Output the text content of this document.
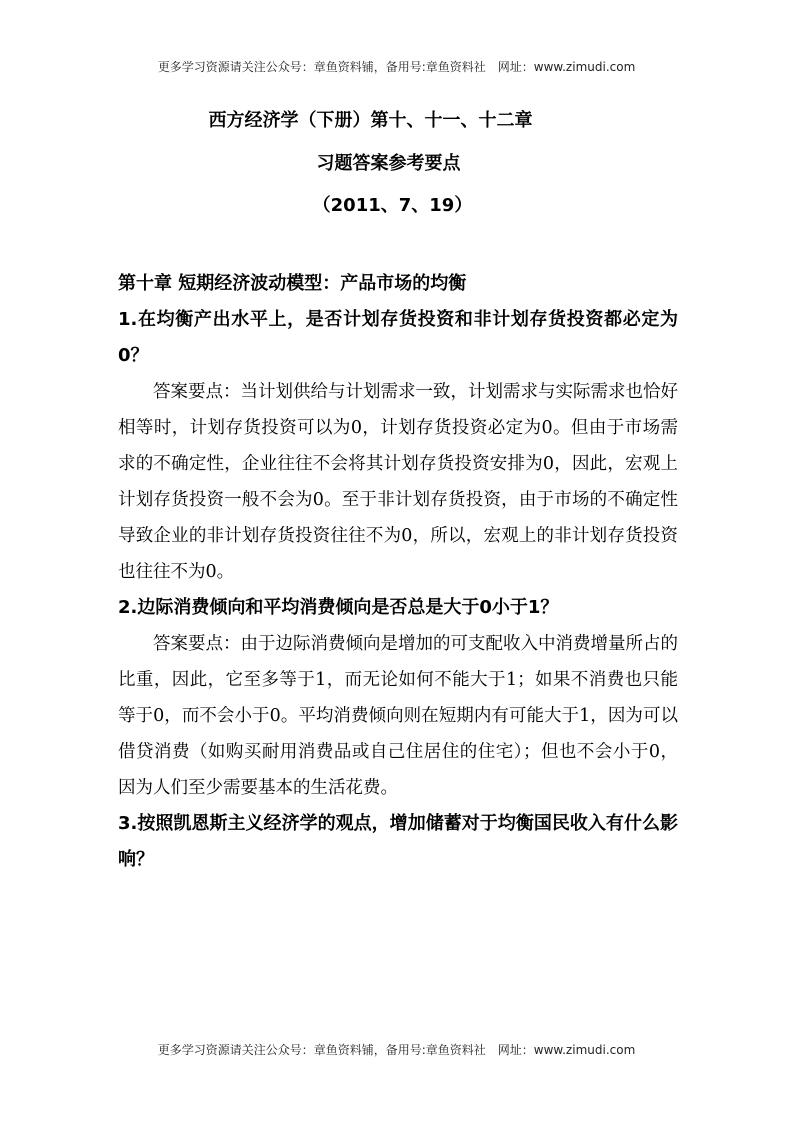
更多学习资源请关注公众号：章鱼资料铺，备用号:章鱼资料社　网址：www.zimudi.com
西方经济学（下册）第十、十一、十二章
习题答案参考要点
（2011、7、19）
第十章 短期经济波动模型：产品市场的均衡

1.在均衡产出水平上，是否计划存货投资和非计划存货投资都必定为0？

答案要点：当计划供给与计划需求一致，计划需求与实际需求也恰好相等时，计划存货投资可以为0，计划存货投资必定为0。但由于市场需求的不确定性，企业往往不会将其计划存货投资安排为0，因此，宏观上计划存货投资一般不会为0。至于非计划存货投资，由于市场的不确定性导致企业的非计划存货投资往往不为0，所以，宏观上的非计划存货投资也往往不为0。

2.边际消费倾向和平均消费倾向是否总是大于0小于1？

答案要点：由于边际消费倾向是增加的可支配收入中消费增量所占的比重，因此，它至多等于1，而无论如何不能大于1；如果不消费也只能等于0，而不会小于0。平均消费倾向则在短期内有可能大于1，因为可以借贷消费（如购买耐用消费品或自己住居住的住宅）；但也不会小于0，因为人们至少需要基本的生活花费。

3.按照凯恩斯主义经济学的观点，增加储蓄对于均衡国民收入有什么影响？

更多学习资源请关注公众号：章鱼资料铺，备用号:章鱼资料社　网址：www.zimudi.com
